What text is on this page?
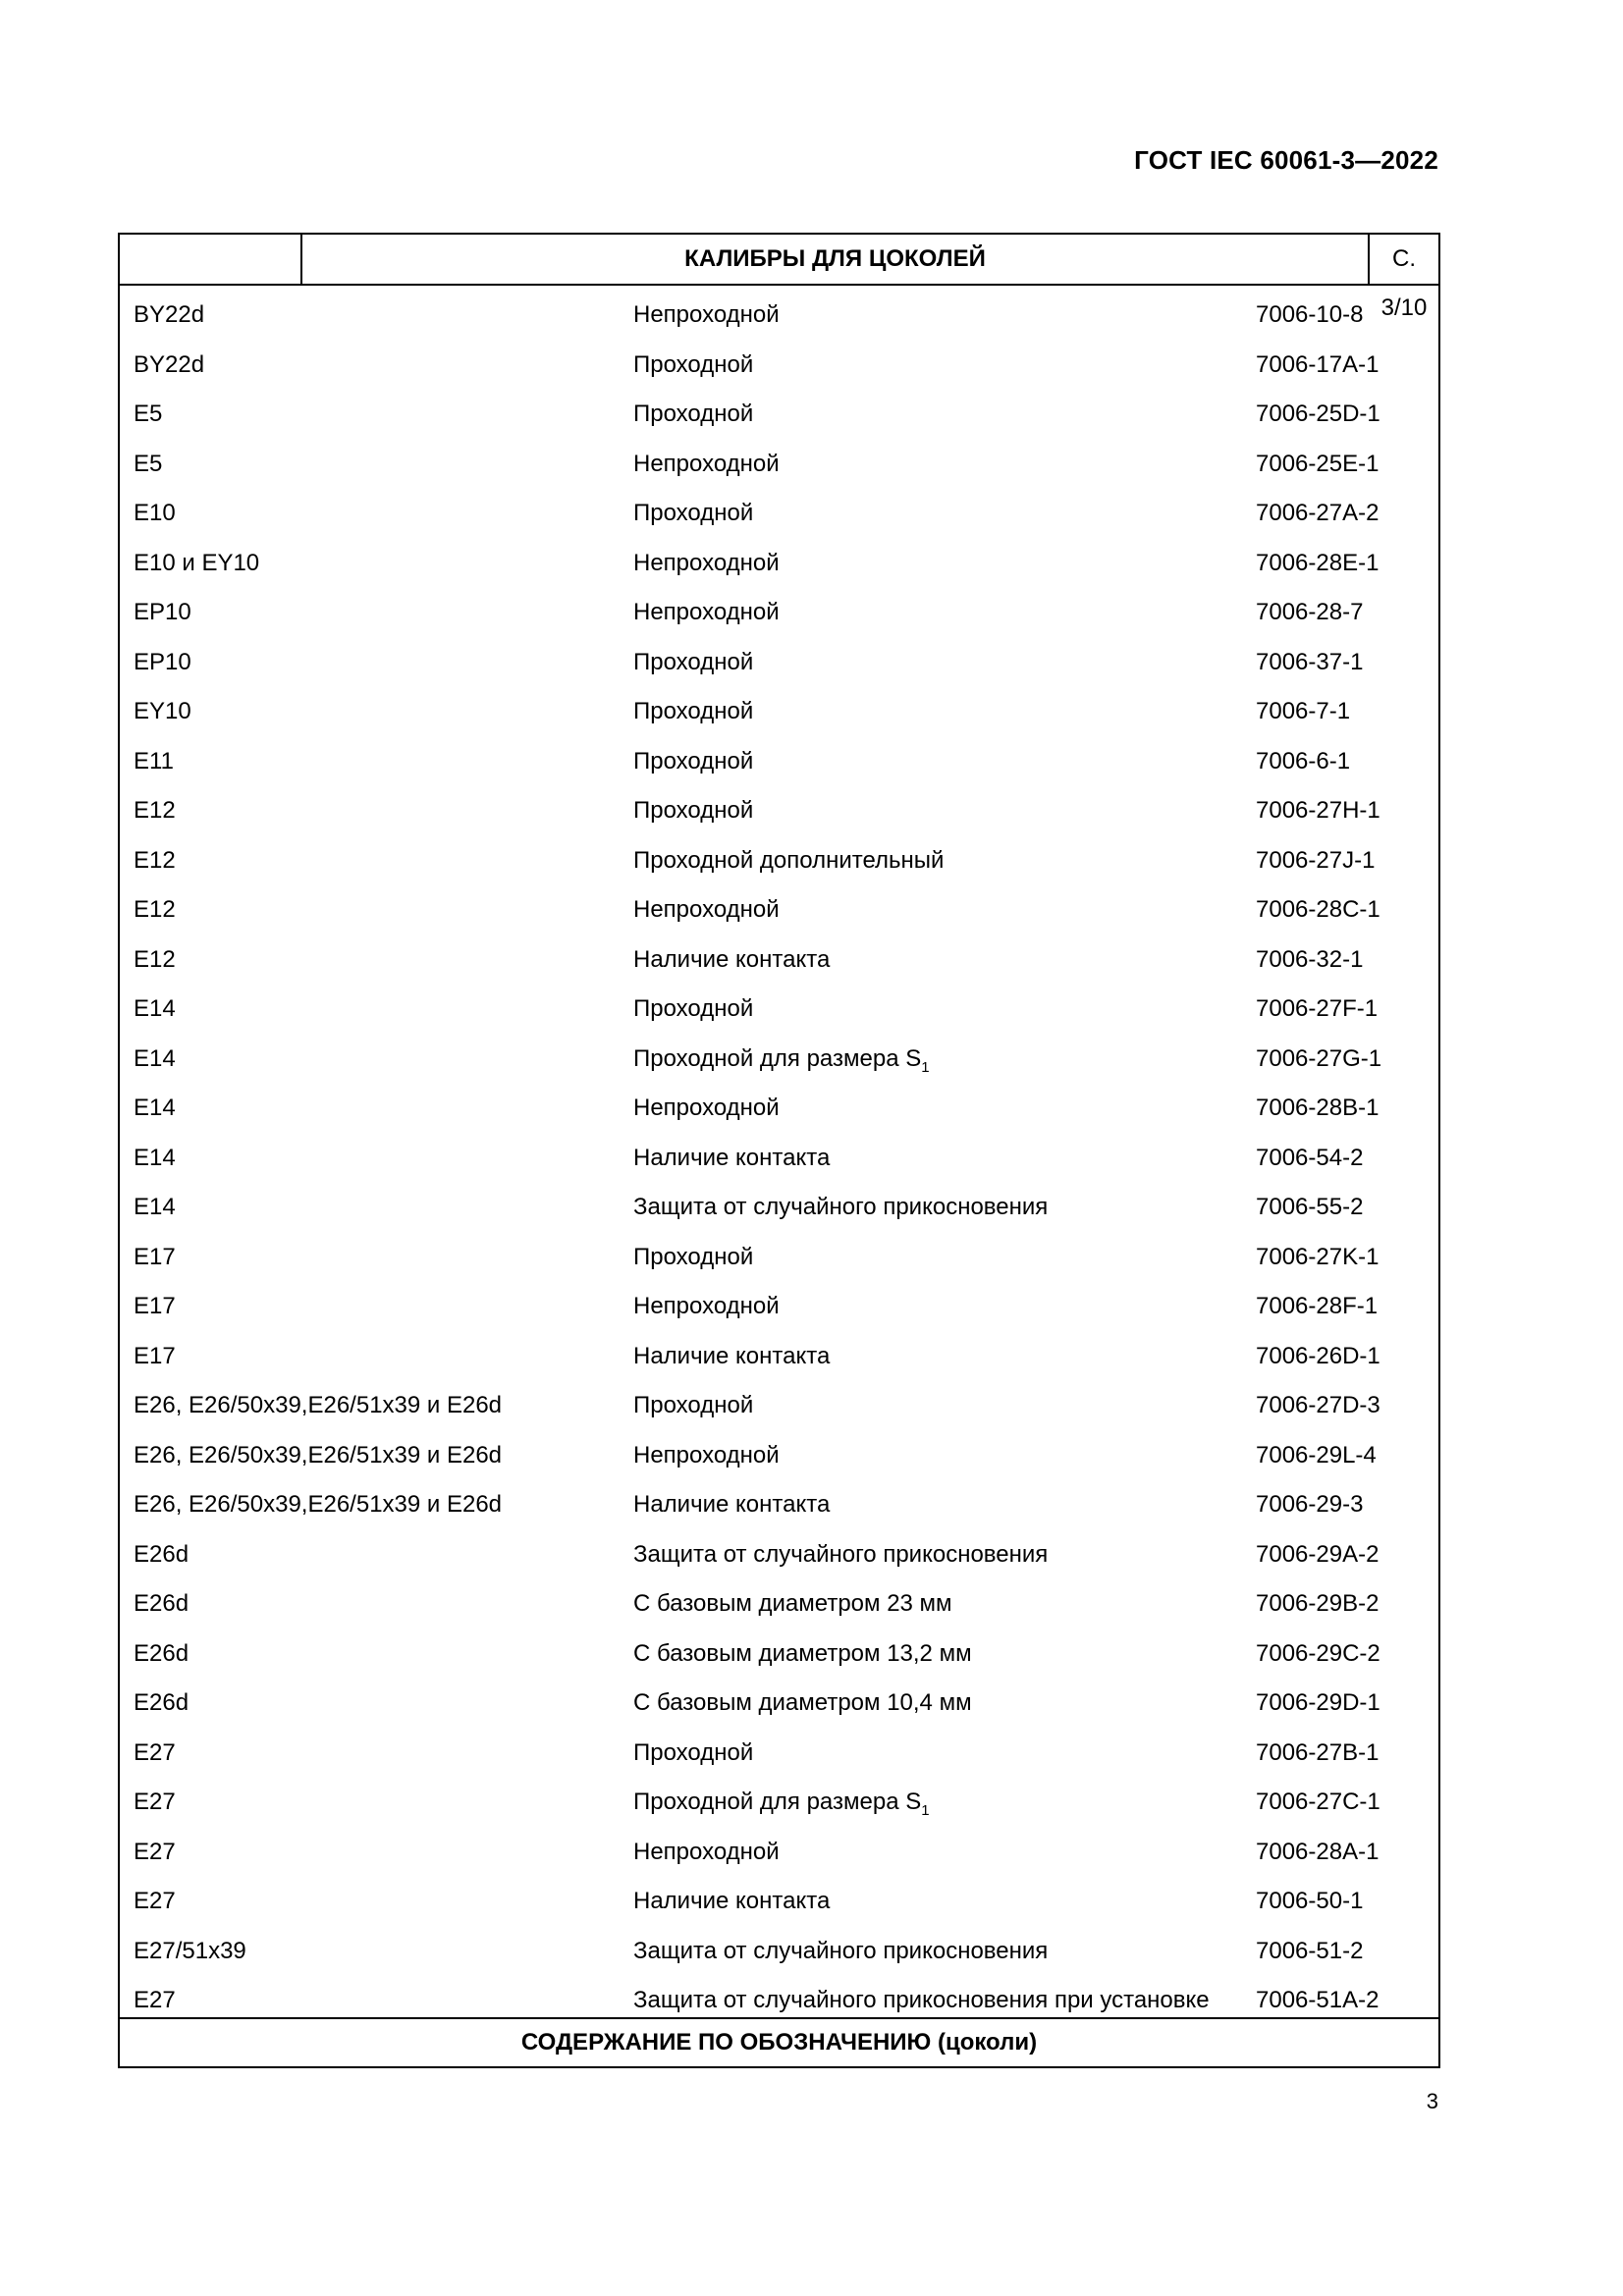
ГОСТ IEC 60061-3—2022
КАЛИБРЫ ДЛЯ ЦОКОЛЕЙ	С. 3/10
BY22d	Непроходной	7006-10-8
BY22d	Проходной	7006-17A-1
E5	Проходной	7006-25D-1
E5	Непроходной	7006-25E-1
E10	Проходной	7006-27A-2
E10 и EY10	Непроходной	7006-28E-1
EP10	Непроходной	7006-28-7
EP10	Проходной	7006-37-1
EY10	Проходной	7006-7-1
E11	Проходной	7006-6-1
E12	Проходной	7006-27H-1
E12	Проходной дополнительный	7006-27J-1
E12	Непроходной	7006-28C-1
E12	Наличие контакта	7006-32-1
E14	Проходной	7006-27F-1
E14	Проходной для размера $S_1$	7006-27G-1
E14	Непроходной	7006-28B-1
E14	Наличие контакта	7006-54-2
E14	Защита от случайного прикосновения	7006-55-2
E17	Проходной	7006-27K-1
E17	Непроходной	7006-28F-1
E17	Наличие контакта	7006-26D-1
E26, E26/50x39,E26/51x39 и E26d	Проходной	7006-27D-3
E26, E26/50x39,E26/51x39 и E26d	Непроходной	7006-29L-4
E26, E26/50x39,E26/51x39 и E26d	Наличие контакта	7006-29-3
E26d	Защита от случайного прикосновения	7006-29A-2
E26d	С базовым диаметром 23 мм	7006-29B-2
E26d	С базовым диаметром 13,2 мм	7006-29C-2
E26d	С базовым диаметром 10,4 мм	7006-29D-1
E27	Проходной	7006-27B-1
E27	Проходной для размера $S_1$	7006-27C-1
E27	Непроходной	7006-28A-1
E27	Наличие контакта	7006-50-1
E27/51x39	Защита от случайного прикосновения	7006-51-2
E27	Защита от случайного прикосновения при установке 7006-51A-2
СОДЕРЖАНИЕ ПО ОБОЗНАЧЕНИЮ (цоколи)
3
